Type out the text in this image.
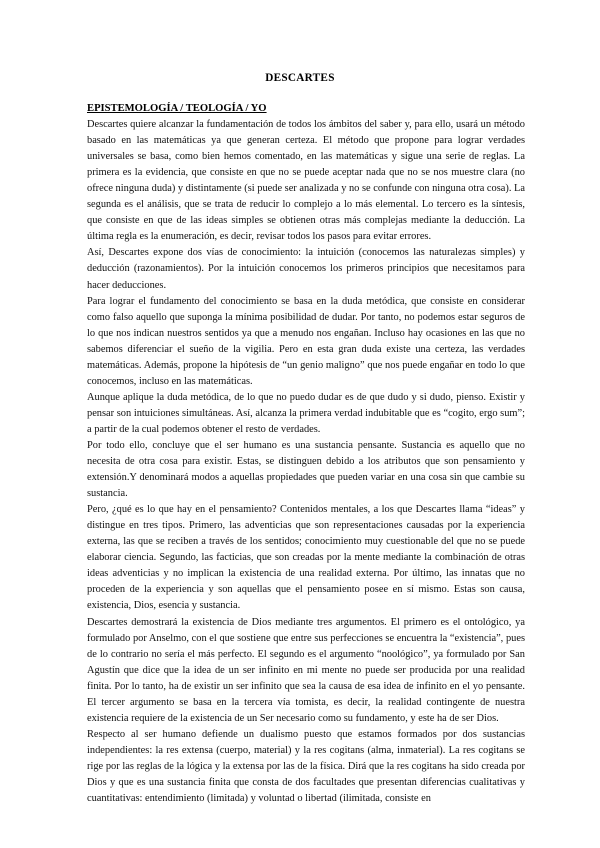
DESCARTES
EPISTEMOLOGÍA / TEOLOGÍA / YO

Descartes quiere alcanzar la fundamentación de todos los ámbitos del saber y, para ello, usará un método basado en las matemáticas ya que generan certeza. El método que propone para lograr verdades universales se basa, como bien hemos comentado, en las matemáticas y sigue una serie de reglas. La primera es la evidencia, que consiste en que no se puede aceptar nada que no se nos muestre clara (no ofrece ninguna duda) y distintamente (si puede ser analizada y no se confunde con ninguna otra cosa). La segunda es el análisis, que se trata de reducir lo complejo a lo más elemental. Lo tercero es la síntesis, que consiste en que de las ideas simples se obtienen otras más complejas mediante la deducción. La última regla es la enumeración, es decir, revisar todos los pasos para evitar errores.

Así, Descartes expone dos vías de conocimiento: la intuición (conocemos las naturalezas simples) y deducción (razonamientos). Por la intuición conocemos los primeros principios que necesitamos para hacer deducciones.

Para lograr el fundamento del conocimiento se basa en la duda metódica, que consiste en considerar como falso aquello que suponga la mínima posibilidad de dudar. Por tanto, no podemos estar seguros de lo que nos indican nuestros sentidos ya que a menudo nos engañan. Incluso hay ocasiones en las que no sabemos diferenciar el sueño de la vigilia. Pero en esta gran duda existe una certeza, las verdades matemáticas. Además, propone la hipótesis de “un genio maligno” que nos puede engañar en todo lo que conocemos, incluso en las matemáticas.

Aunque aplique la duda metódica, de lo que no puedo dudar es de que dudo y si dudo, pienso. Existir y pensar son intuiciones simultáneas. Así, alcanza la primera verdad indubitable que es “cogito, ergo sum”; a partir de la cual podemos obtener el resto de verdades.

Por todo ello, concluye que el ser humano es una sustancia pensante. Sustancia es aquello que no necesita de otra cosa para existir. Estas, se distinguen debido a los atributos que son pensamiento y extensión.Y denominará modos a aquellas propiedades que pueden variar en una cosa sin que cambie su sustancia.

Pero, ¿qué es lo que hay en el pensamiento? Contenidos mentales, a los que Descartes llama “ideas” y distingue en tres tipos. Primero, las adventicias que son representaciones causadas por la experiencia externa, las que se reciben a través de los sentidos; conocimiento muy cuestionable del que no se puede elaborar ciencia. Segundo, las facticias, que son creadas por la mente mediante la combinación de otras ideas adventicias y no implican la existencia de una realidad externa. Por último, las innatas que no proceden de la experiencia y son aquellas que el pensamiento posee en sí mismo. Estas son causa, existencia, Dios, esencia y sustancia.

Descartes demostrará la existencia de Dios mediante tres argumentos. El primero es el ontológico, ya formulado por Anselmo, con el que sostiene que entre sus perfecciones se encuentra la “existencia”, pues de lo contrario no sería el más perfecto. El segundo es el argumento “noológico”, ya formulado por San Agustín que dice que la idea de un ser infinito en mi mente no puede ser producida por una realidad finita. Por lo tanto, ha de existir un ser infinito que sea la causa de esa idea de infinito en el yo pensante. El tercer argumento se basa en la tercera vía tomista, es decir, la realidad contingente de nuestra existencia requiere de la existencia de un Ser necesario como su fundamento, y este ha de ser Dios.

Respecto al ser humano defiende un dualismo puesto que estamos formados por dos sustancias independientes: la res extensa (cuerpo, material) y la res cogitans (alma, inmaterial). La res cogitans se rige por las reglas de la lógica y la extensa por las de la física. Dirá que la res cogitans ha sido creada por Dios y que es una sustancia finita que consta de dos facultades que presentan diferencias cualitativas y cuantitativas: entendimiento (limitada) y voluntad o libertad (ilimitada, consiste en
